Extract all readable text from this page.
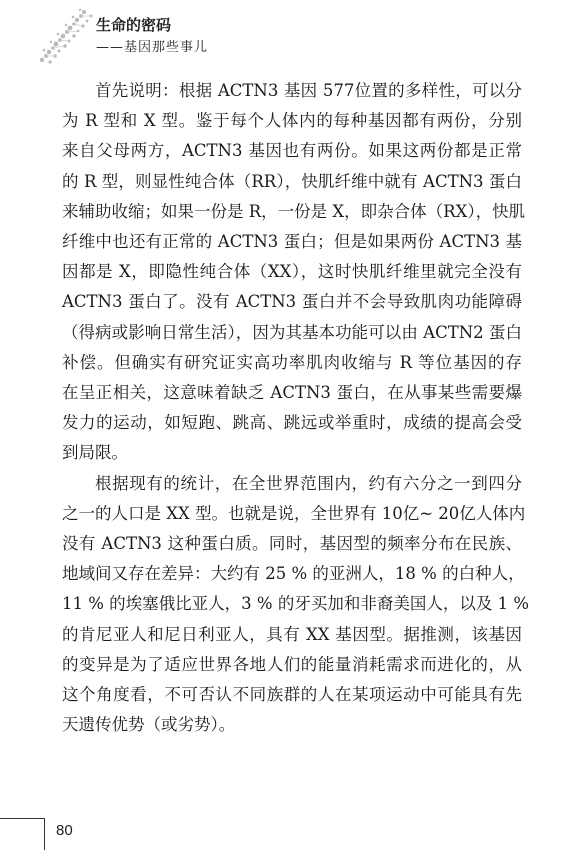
生命的密码
——基因那些事儿
首先说明：根据 ACTN3 基因 577位置的多样性，可以分
为 R 型和 X 型。鉴于每个人体内的每种基因都有两份，分别
来自父母两方，ACTN3 基因也有两份。如果这两份都是正常
的 R 型，则显性纯合体（RR），快肌纤维中就有 ACTN3 蛋白
来辅助收缩；如果一份是 R，一份是 X，即杂合体（RX），快肌
纤维中也还有正常的 ACTN3 蛋白；但是如果两份 ACTN3 基
因都是 X，即隐性纯合体（XX），这时快肌纤维里就完全没有
ACTN3 蛋白了。没有 ACTN3 蛋白并不会导致肌肉功能障碍
（得病或影响日常生活），因为其基本功能可以由 ACTN2 蛋白
补偿。但确实有研究证实高功率肌肉收缩与 R 等位基因的存
在呈正相关，这意味着缺乏 ACTN3 蛋白，在从事某些需要爆
发力的运动，如短跑、跳高、跳远或举重时，成绩的提高会受
到局限。
根据现有的统计，在全世界范围内，约有六分之一到四分
之一的人口是 XX 型。也就是说，全世界有 10亿~ 20亿人体内
没有 ACTN3 这种蛋白质。同时，基因型的频率分布在民族、
地域间又存在差异：大约有 25 % 的亚洲人，18 % 的白种人，
11 % 的埃塞俄比亚人，3 % 的牙买加和非裔美国人，以及 1 %
的肯尼亚人和尼日利亚人，具有 XX 基因型。据推测，该基因
的变异是为了适应世界各地人们的能量消耗需求而进化的，从
这个角度看，不可否认不同族群的人在某项运动中可能具有先
天遗传优势（或劣势）。
80
